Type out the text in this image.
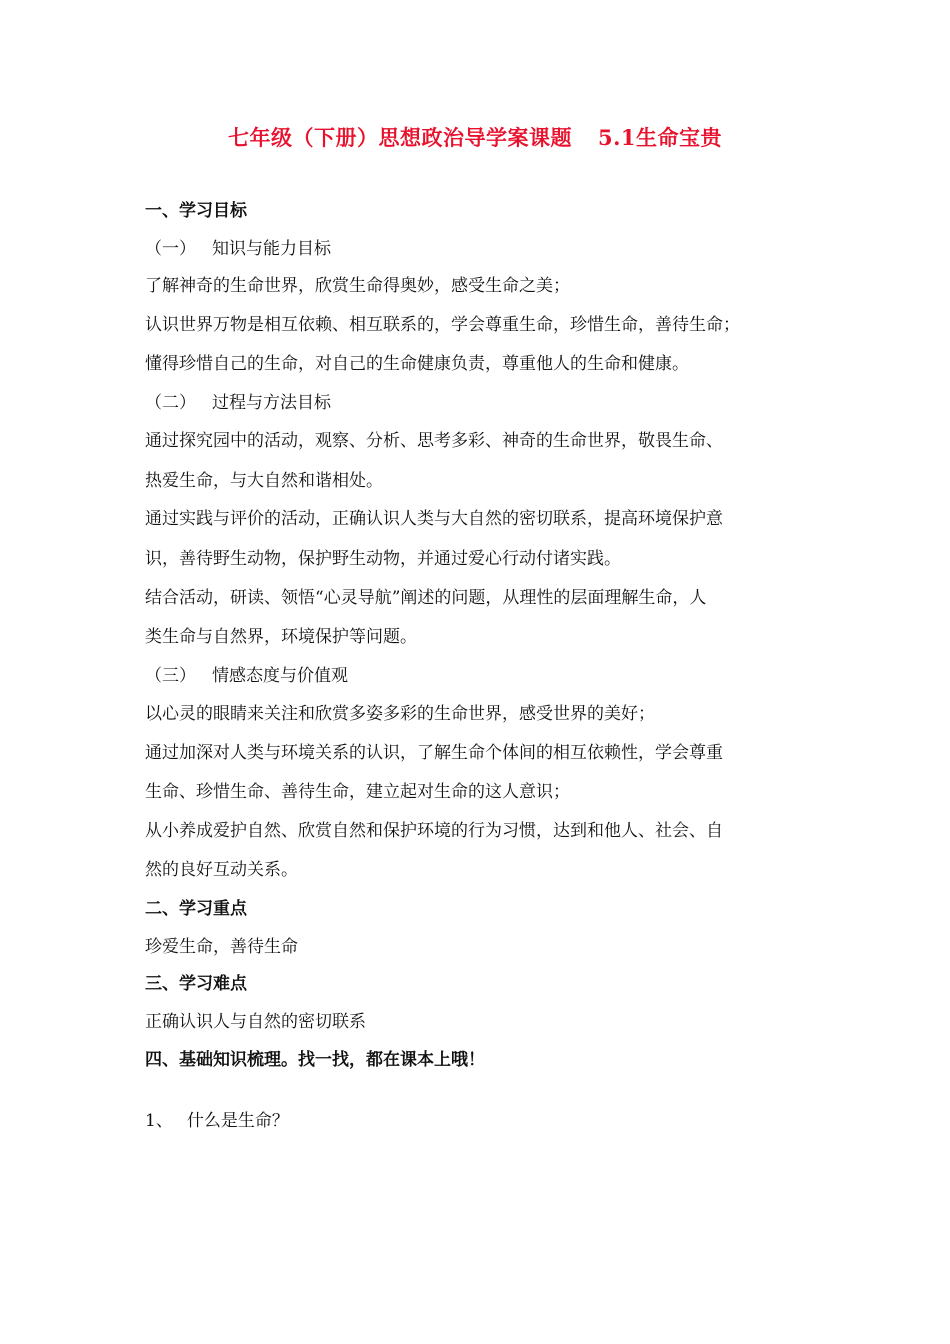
七年级（下册）思想政治导学案课题 5.1生命宝贵
一、学习目标
（一） 知识与能力目标
了解神奇的生命世界，欣赏生命得奥妙，感受生命之美；
认识世界万物是相互依赖、相互联系的，学会尊重生命，珍惜生命，善待生命；
懂得珍惜自己的生命，对自己的生命健康负责，尊重他人的生命和健康。
（二） 过程与方法目标
通过探究园中的活动，观察、分析、思考多彩、神奇的生命世界，敬畏生命、
热爱生命，与大自然和谐相处。
通过实践与评价的活动，正确认识人类与大自然的密切联系，提高环境保护意
识，善待野生动物，保护野生动物，并通过爱心行动付诸实践。
结合活动，研读、领悟“心灵导航”阐述的问题，从理性的层面理解生命，人
类生命与自然界，环境保护等问题。
（三） 情感态度与价值观
以心灵的眼睛来关注和欣赏多姿多彩的生命世界，感受世界的美好；
通过加深对人类与环境关系的认识，了解生命个体间的相互依赖性，学会尊重
生命、珍惜生命、善待生命，建立起对生命的这人意识；
从小养成爱护自然、欣赏自然和保护环境的行为习惯，达到和他人、社会、自
然的良好互动关系。
二、学习重点
珍爱生命，善待生命
三、学习难点
正确认识人与自然的密切联系
四、基础知识梳理。找一找，都在课本上哦！
1、 什么是生命？
